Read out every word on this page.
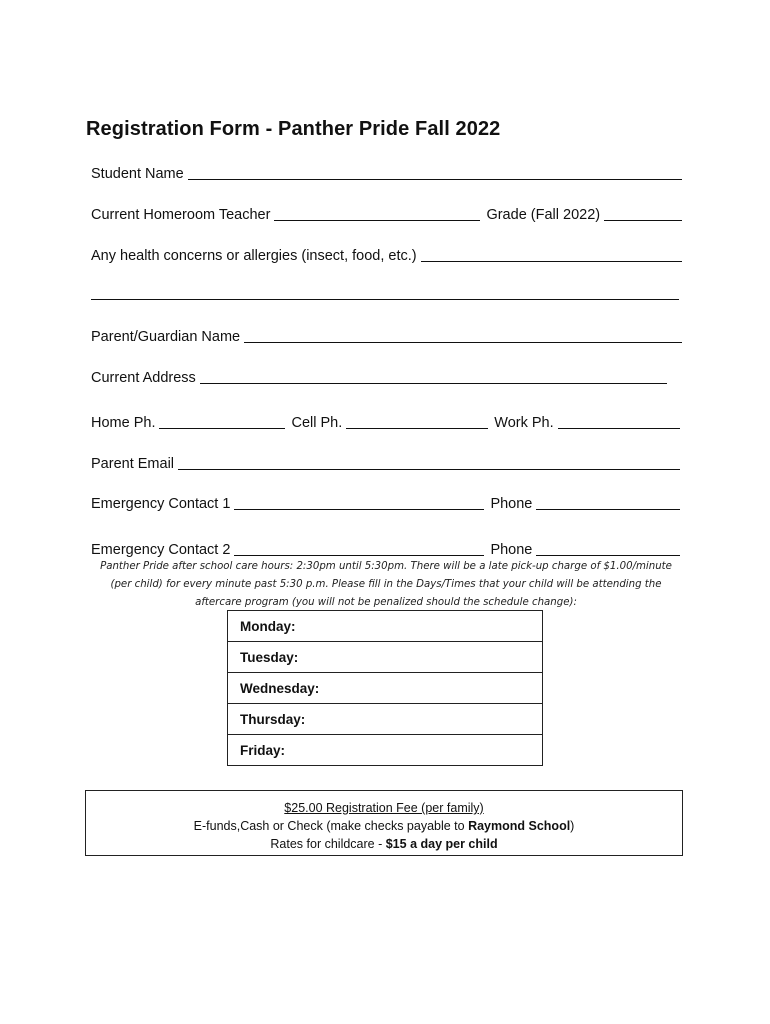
Registration Form - Panther Pride Fall 2022
Student Name
Current Homeroom Teacher	Grade (Fall 2022)
Any health concerns or allergies (insect, food, etc.)
Parent/Guardian Name
Current Address
Home Ph.	Cell Ph.	Work Ph.
Parent Email
Emergency Contact 1	Phone
Emergency Contact 2	Phone
Panther Pride after school care hours: 2:30pm until 5:30pm. There will be a late pick-up charge of $1.00/minute (per child) for every minute past 5:30 p.m. Please fill in the Days/Times that your child will be attending the aftercare program (you will not be penalized should the schedule change):
Monday:
Tuesday:
Wednesday:
Thursday:
Friday:
$25.00 Registration Fee (per family)
E-funds,Cash or Check (make checks payable to Raymond School)
Rates for childcare - $15 a day per child
